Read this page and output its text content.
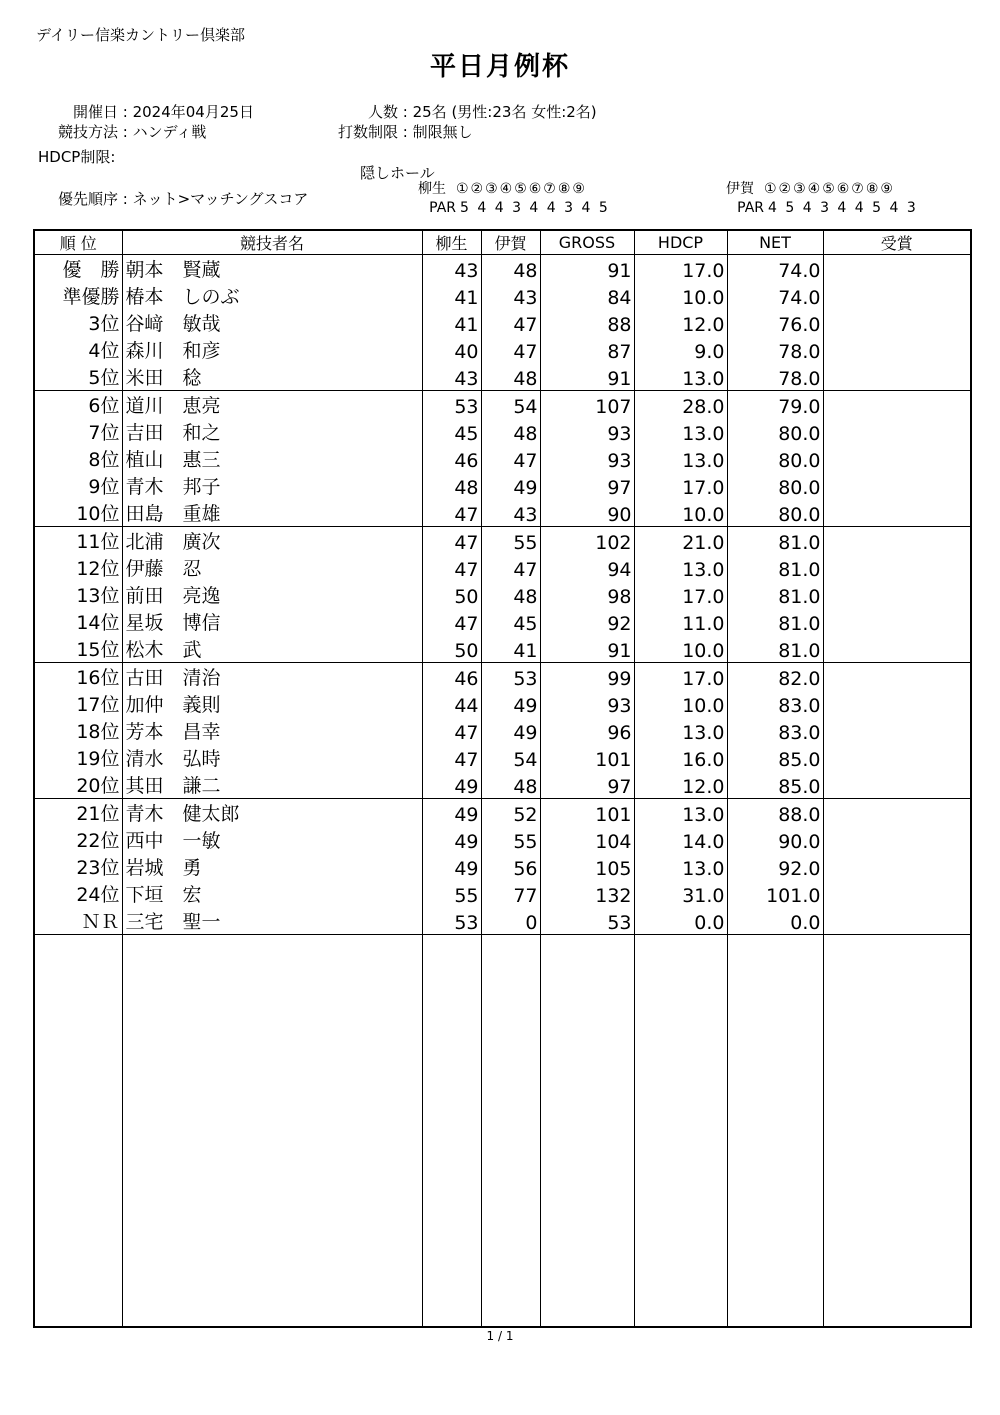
デイリー信楽カントリー倶楽部
平日月例杯
開催日 : 2024年04月25日
競技方法 : ハンディ戦
HDCP制限:
優先順序 : ネット>マッチングスコア
人数 : 25名 (男性:23名 女性:2名)
打数制限 : 制限無し
隠しホール
柳生 ①②③④⑤⑥⑦⑧⑨
PAR 5 4 4 3 4 4 3 4 5
伊賀 ①②③④⑤⑥⑦⑧⑨
PAR 4 5 4 3 4 4 5 4 3
順 位	競技者名	柳生	伊賀	GROSS	HDCP	NET	受賞
優　勝	朝本　賢蔵	43	48	91	17.0	74.0	
準優勝	椿本　しのぶ	41	43	84	10.0	74.0	
3位	谷﨑　敏哉	41	47	88	12.0	76.0	
4位	森川　和彦	40	47	87	9.0	78.0	
5位	米田　稔	43	48	91	13.0	78.0	
6位	道川　恵亮	53	54	107	28.0	79.0	
7位	吉田　和之	45	48	93	13.0	80.0	
8位	植山　惠三	46	47	93	13.0	80.0	
9位	青木　邦子	48	49	97	17.0	80.0	
10位	田島　重雄	47	43	90	10.0	80.0	
11位	北浦　廣次	47	55	102	21.0	81.0	
12位	伊藤　忍	47	47	94	13.0	81.0	
13位	前田　亮逸	50	48	98	17.0	81.0	
14位	星坂　博信	47	45	92	11.0	81.0	
15位	松木　武	50	41	91	10.0	81.0	
16位	古田　清治	46	53	99	17.0	82.0	
17位	加仲　義則	44	49	93	10.0	83.0	
18位	芳本　昌幸	47	49	96	13.0	83.0	
19位	清水　弘時	47	54	101	16.0	85.0	
20位	其田　謙二	49	48	97	12.0	85.0	
21位	青木　健太郎	49	52	101	13.0	88.0	
22位	西中　一敏	49	55	104	14.0	90.0	
23位	岩城　勇	49	56	105	13.0	92.0	
24位	下垣　宏	55	77	132	31.0	101.0	
ＮＲ	三宅　聖一	53	0	53	0.0	0.0	

1 / 1
